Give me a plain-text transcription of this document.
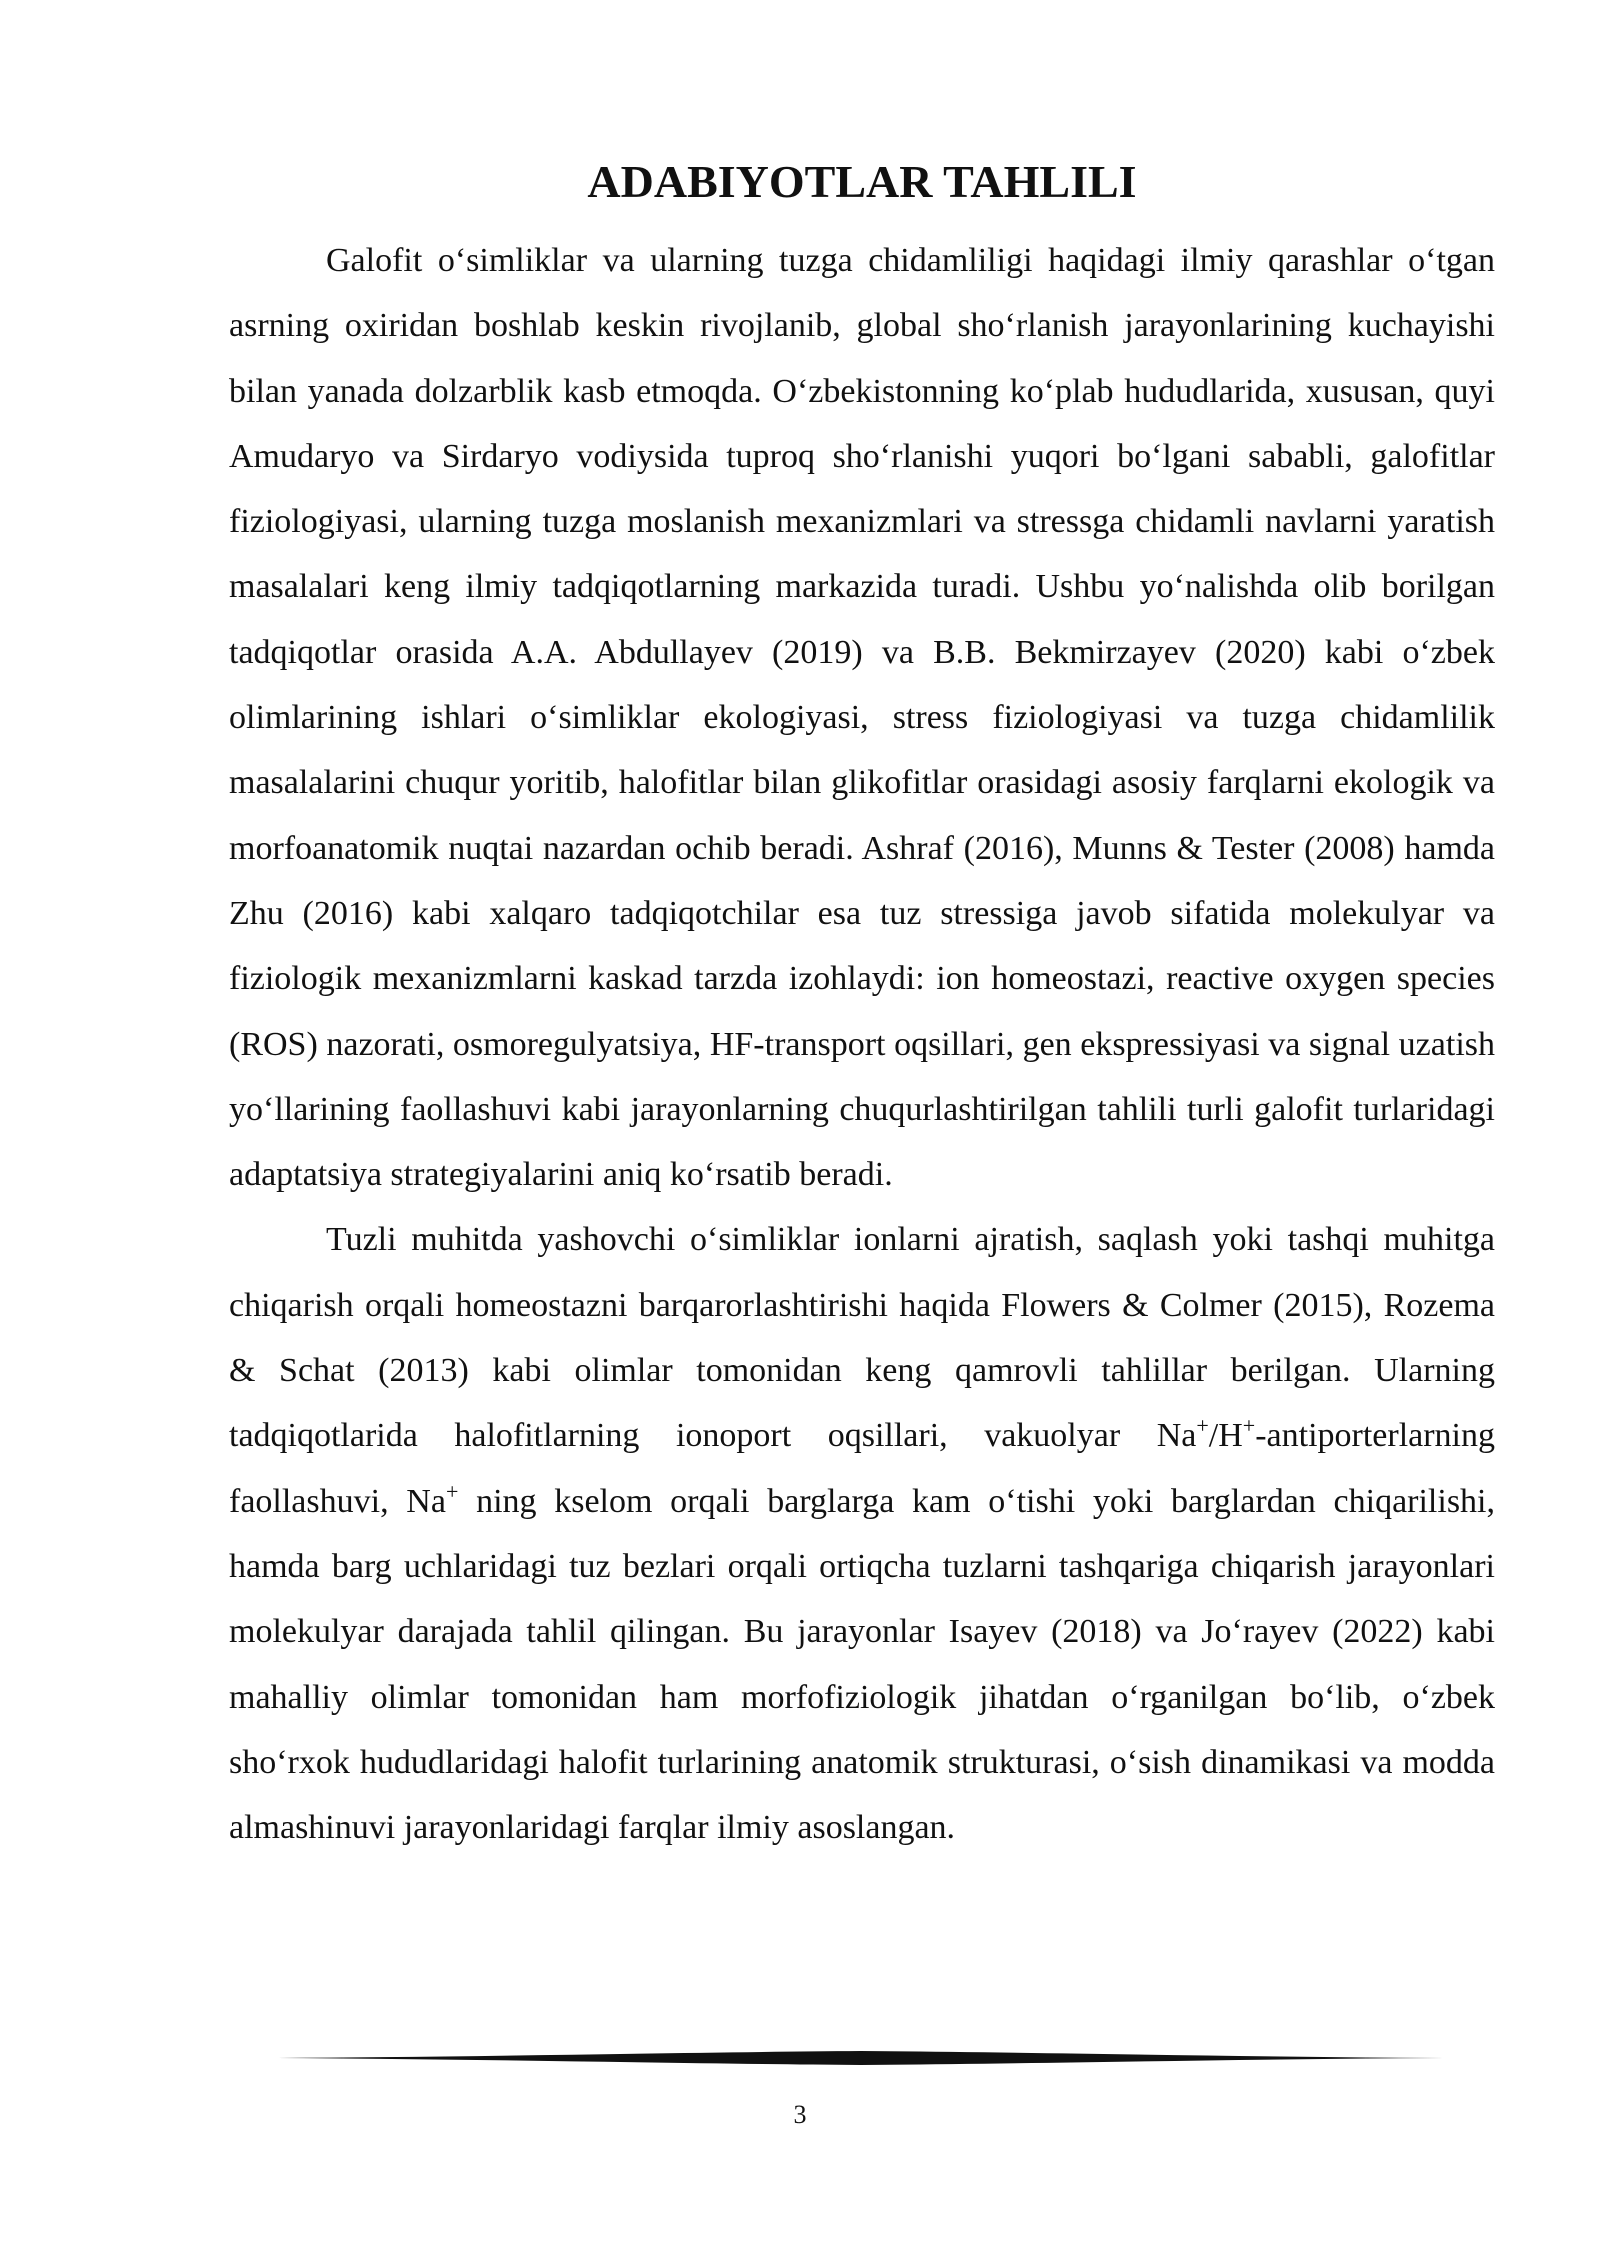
ADABIYOTLAR TAHLILI

Galofit o‘simliklar va ularning tuzga chidamliligi haqidagi ilmiy qarashlar o‘tgan asrning oxiridan boshlab keskin rivojlanib, global sho‘rlanish jarayonlarining kuchayishi bilan yanada dolzarblik kasb etmoqda. O‘zbekistonning ko‘plab hududlarida, xususan, quyi Amudaryo va Sirdaryo vodiysida tuproq sho‘rlanishi yuqori bo‘lgani sababli, galofitlar fiziologiyasi, ularning tuzga moslanish mexanizmlari va stressga chidamli navlarni yaratish masalalari keng ilmiy tadqiqotlarning markazida turadi. Ushbu yo‘nalishda olib borilgan tadqiqotlar orasida A.A. Abdullayev (2019) va B.B. Bekmirzayev (2020) kabi o‘zbek olimlarining ishlari o‘simliklar ekologiyasi, stress fiziologiyasi va tuzga chidamlilik masalalarini chuqur yoritib, halofitlar bilan glikofitlar orasidagi asosiy farqlarni ekologik va morfoanatomik nuqtai nazardan ochib beradi. Ashraf (2016), Munns & Tester (2008) hamda Zhu (2016) kabi xalqaro tadqiqotchilar esa tuz stressiga javob sifatida molekulyar va fiziologik mexanizmlarni kaskad tarzda izohlaydi: ion homeostazi, reactive oxygen species (ROS) nazorati, osmoregulyatsiya, HF-transport oqsillari, gen ekspressiyasi va signal uzatish yo‘llarining faollashuvi kabi jarayonlarning chuqurlashtirilgan tahlili turli galofit turlaridagi adaptatsiya strategiyalarini aniq ko‘rsatib beradi.

Tuzli muhitda yashovchi o‘simliklar ionlarni ajratish, saqlash yoki tashqi muhitga chiqarish orqali homeostazni barqarorlashtirishi haqida Flowers & Colmer (2015), Rozema & Schat (2013) kabi olimlar tomonidan keng qamrovli tahlillar berilgan. Ularning tadqiqotlarida halofitlarning ionoport oqsillari, vakuolyar Na+/H+-antiporterlarning faollashuvi, Na+ ning kselom orqali barglarga kam o‘tishi yoki barglardan chiqarilishi, hamda barg uchlaridagi tuz bezlari orqali ortiqcha tuzlarni tashqariga chiqarish jarayonlari molekulyar darajada tahlil qilingan. Bu jarayonlar Isayev (2018) va Jo‘rayev (2022) kabi mahalliy olimlar tomonidan ham morfofiziologik jihatdan o‘rganilgan bo‘lib, o‘zbek sho‘rxok hududlaridagi halofit turlarining anatomik strukturasi, o‘sish dinamikasi va modda almashinuvi jarayonlaridagi farqlar ilmiy asoslangan.

3
